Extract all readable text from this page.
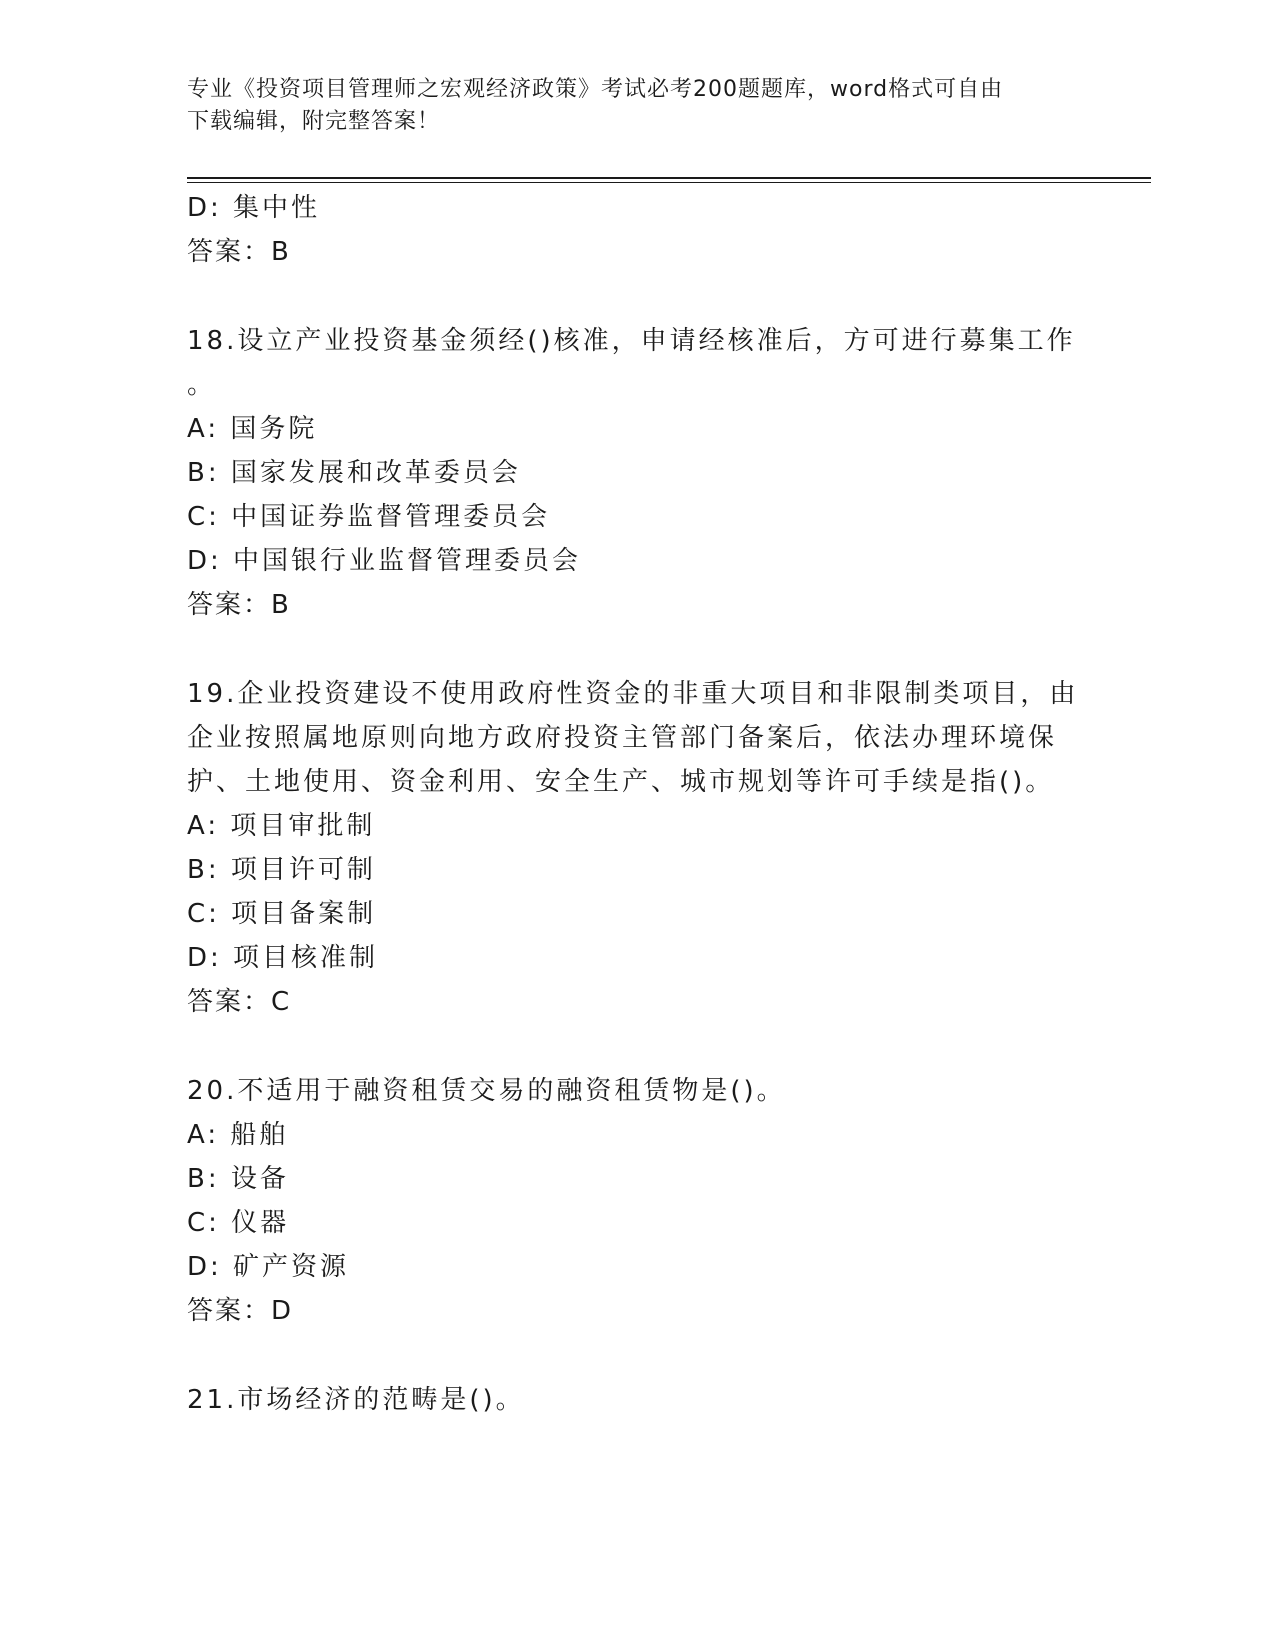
专业《投资项目管理师之宏观经济政策》考试必考200题题库，word格式可自由
下载编辑，附完整答案！
D: 集中性
答案：B
18.设立产业投资基金须经()核准，申请经核准后，方可进行募集工作
。
A: 国务院
B: 国家发展和改革委员会
C: 中国证券监督管理委员会
D: 中国银行业监督管理委员会
答案：B
19.企业投资建设不使用政府性资金的非重大项目和非限制类项目，由
企业按照属地原则向地方政府投资主管部门备案后，依法办理环境保
护、土地使用、资金利用、安全生产、城市规划等许可手续是指()。
A: 项目审批制
B: 项目许可制
C: 项目备案制
D: 项目核准制
答案：C
20.不适用于融资租赁交易的融资租赁物是()。
A: 船舶
B: 设备
C: 仪器
D: 矿产资源
答案：D
21.市场经济的范畴是()。
